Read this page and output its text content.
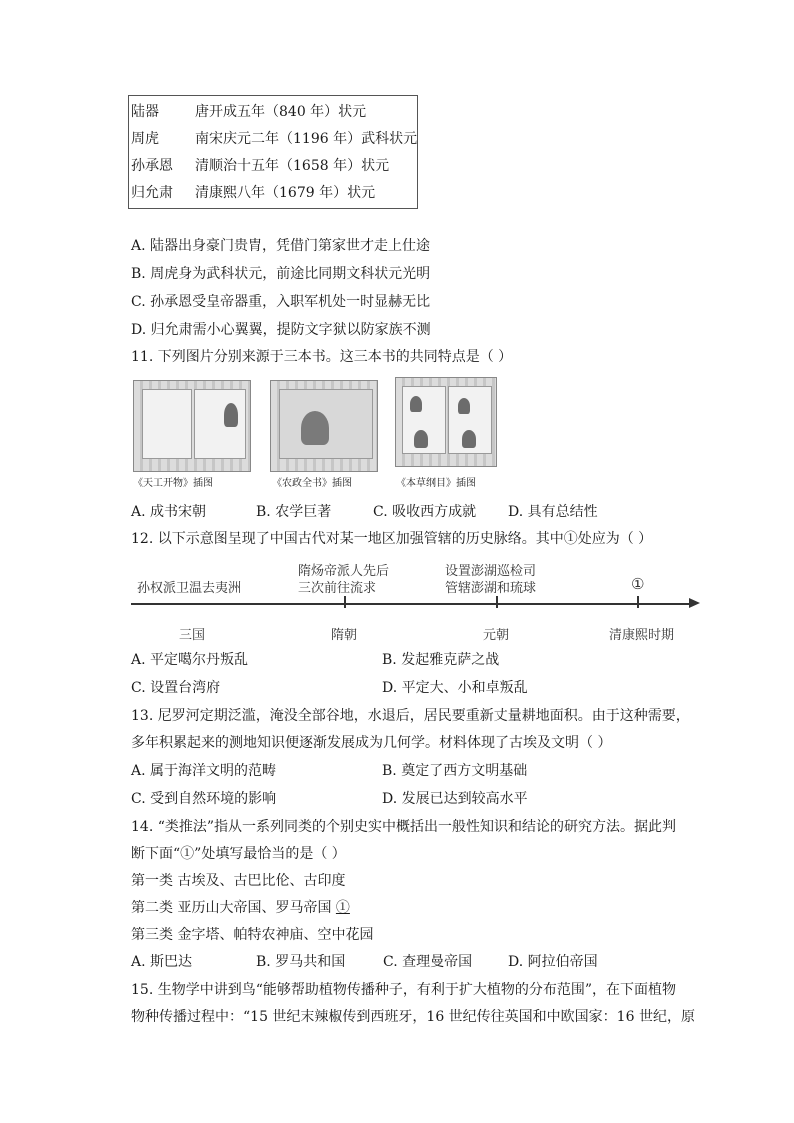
陆器	唐开成五年（840 年）状元
周虎	南宋庆元二年（1196 年）武科状元
孙承恩 清顺治十五年（1658 年）状元
归允肃 清康熙八年（1679 年）状元
A. 陆器出身豪门贵胄，凭借门第家世才走上仕途
B. 周虎身为武科状元，前途比同期文科状元光明
C. 孙承恩受皇帝器重，入职军机处一时显赫无比
D. 归允肃需小心翼翼，提防文字狱以防家族不测
11. 下列图片分别来源于三本书。这三本书的共同特点是（ ）
《天工开物》插图	《农政全书》插图	《本草纲目》插图
A. 成书宋朝	B. 农学巨著	C. 吸收西方成就 D. 具有总结性
12. 以下示意图呈现了中国古代对某一地区加强管辖的历史脉络。其中①处应为（ ）
孙权派卫温去夷洲
隋炀帝派人先后
三次前往流求
设置澎湖巡检司
管辖澎湖和琉球	①
三国	隋朝	元朝	清康熙时期
A. 平定噶尔丹叛乱	B. 发起雅克萨之战
C. 设置台湾府	D. 平定大、小和卓叛乱
13. 尼罗河定期泛滥，淹没全部谷地，水退后，居民要重新丈量耕地面积。由于这种需要，
多年积累起来的测地知识便逐渐发展成为几何学。材料体现了古埃及文明（ ）
A. 属于海洋文明的范畴	B. 奠定了西方文明基础
C. 受到自然环境的影响	D. 发展已达到较高水平
14. “类推法”指从一系列同类的个别史实中概括出一般性知识和结论的研究方法。据此判
断下面“①”处填写最恰当的是（ ）
第一类 古埃及、古巴比伦、古印度
第二类 亚历山大帝国、罗马帝国 ①
第三类 金字塔、帕特农神庙、空中花园
A. 斯巴达	B. 罗马共和国	C. 查理曼帝国	D. 阿拉伯帝国
15. 生物学中讲到鸟“能够帮助植物传播种子，有利于扩大植物的分布范围”，在下面植物
物种传播过程中：“15 世纪末辣椒传到西班牙，16 世纪传往英国和中欧国家：16 世纪，原
